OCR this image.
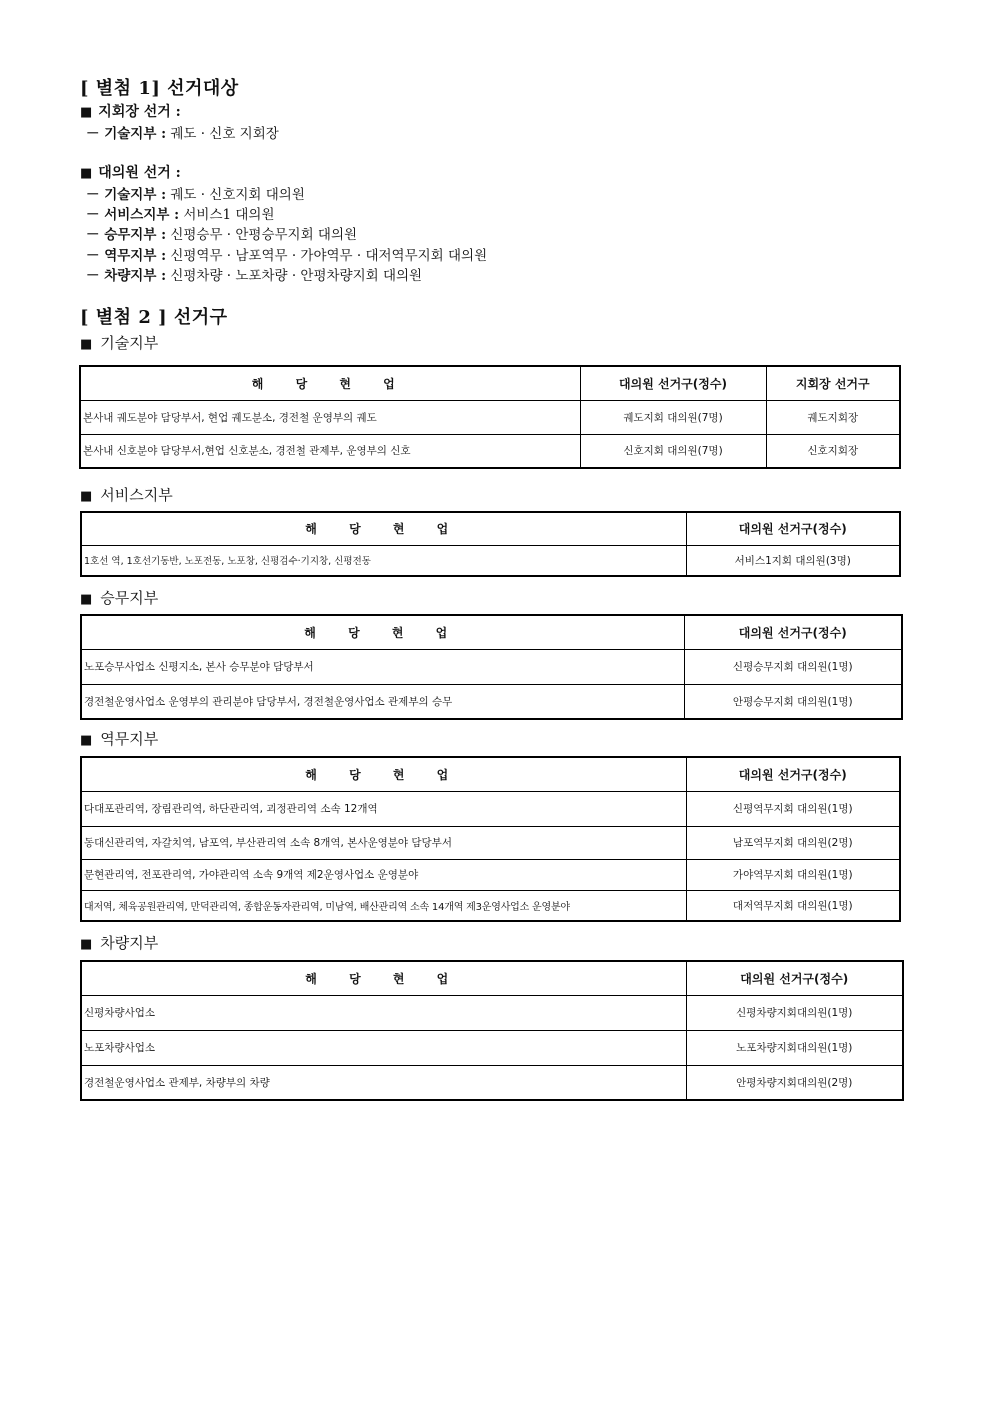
[ 별첨 1] 선거대상
■ 지회장 선거 :
－ 기술지부 : 궤도 · 신호 지회장
■ 대의원 선거 :
－ 기술지부 : 궤도 · 신호지회 대의원
－ 서비스지부 : 서비스1 대의원
－ 승무지부 : 신평승무 · 안평승무지회 대의원
－ 역무지부 : 신평역무 · 남포역무 · 가야역무 · 대저역무지회 대의원
－ 차량지부 : 신평차량 · 노포차량 · 안평차량지회 대의원
[ 별첨 2 ] 선거구
■ 기술지부
해 당 현 업	대의원 선거구(정수)	지회장 선거구
본사내 궤도분야 담당부서, 현업 궤도분소, 경전철 운영부의 궤도	궤도지회 대의원(7명)	궤도지회장
본사내 신호분야 담당부서,현업 신호분소, 경전철 관제부, 운영부의 신호	신호지회 대의원(7명)	신호지회장
■ 서비스지부
해 당 현 업	대의원 선거구(정수)
1호선 역, 1호선기동반, 노포전동, 노포창, 신평검수·기지창, 신평전동	서비스1지회 대의원(3명)
■ 승무지부
해 당 현 업	대의원 선거구(정수)
노포승무사업소 신평지소, 본사 승무분야 담당부서	신평승무지회 대의원(1명)
경전철운영사업소 운영부의 관리분야 담당부서, 경전철운영사업소 관제부의 승무	안평승무지회 대의원(1명)
■ 역무지부
해 당 현 업	대의원 선거구(정수)
다대포관리역, 장림관리역, 하단관리역, 괴정관리역 소속 12개역	신평역무지회 대의원(1명)
동대신관리역, 자갈치역, 남포역, 부산관리역 소속 8개역, 본사운영분야 담당부서	남포역무지회 대의원(2명)
문현관리역, 전포관리역, 가야관리역 소속 9개역 제2운영사업소 운영분야	가야역무지회 대의원(1명)
대저역, 체육공원관리역, 만덕관리역, 종합운동자관리역, 미남역, 배산관리역 소속 14개역 제3운영사업소 운영분야	대저역무지회 대의원(1명)
■ 차량지부
해 당 현 업	대의원 선거구(정수)
신평차량사업소	신평차량지회대의원(1명)
노포차량사업소	노포차량지회대의원(1명)
경전철운영사업소 관제부, 차량부의 차량	안평차량지회대의원(2명)
